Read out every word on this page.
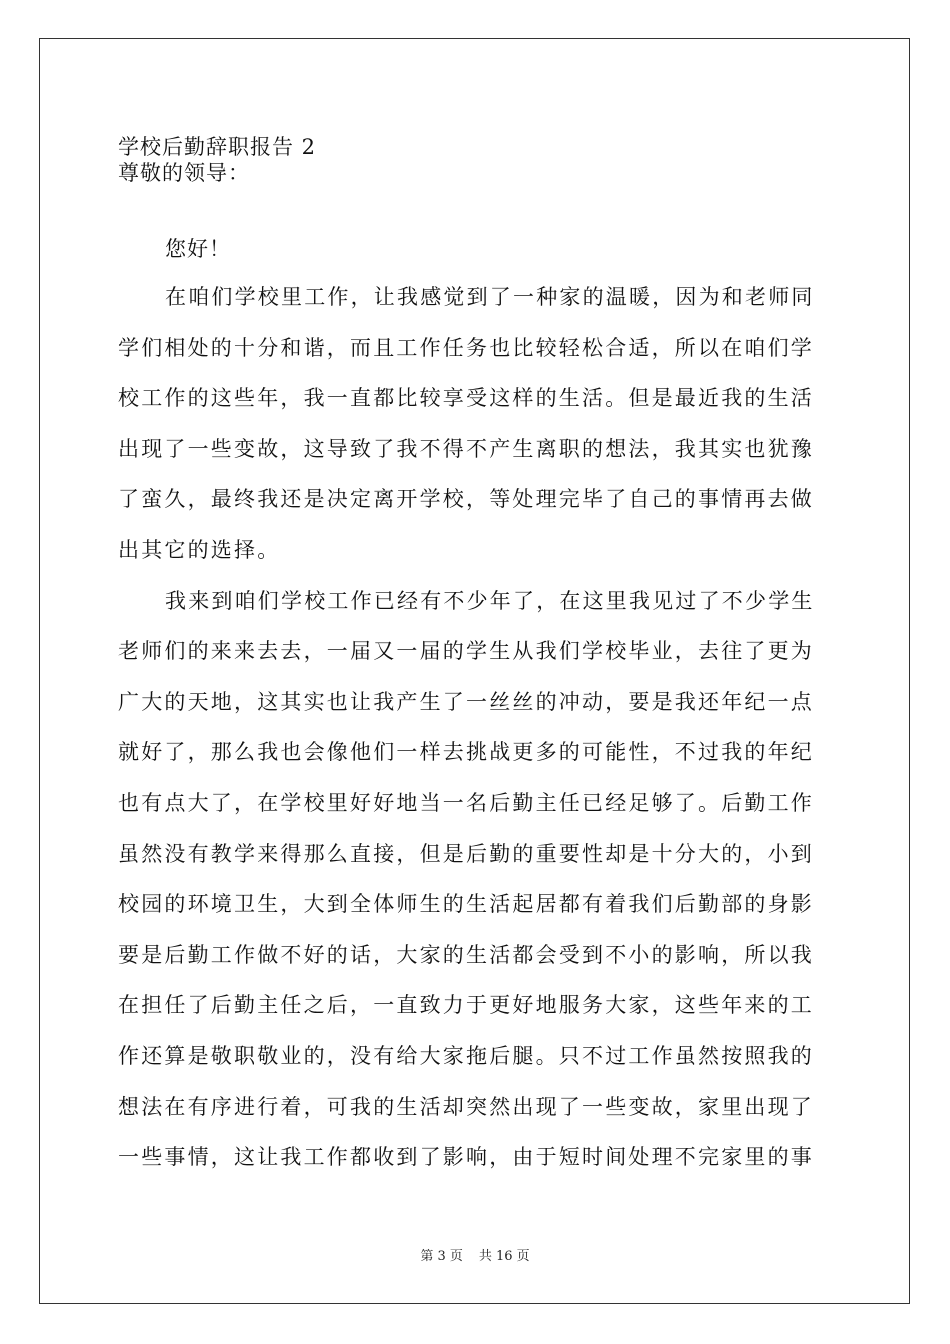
学校后勤辞职报告 2
尊敬的领导：
您好！
在咱们学校里工作，让我感觉到了一种家的温暖，因为和老师同
学们相处的十分和谐，而且工作任务也比较轻松合适，所以在咱们学
校工作的这些年，我一直都比较享受这样的生活。但是最近我的生活
出现了一些变故，这导致了我不得不产生离职的想法，我其实也犹豫
了蛮久，最终我还是决定离开学校，等处理完毕了自己的事情再去做
出其它的选择。
我来到咱们学校工作已经有不少年了，在这里我见过了不少学生
老师们的来来去去，一届又一届的学生从我们学校毕业，去往了更为
广大的天地，这其实也让我产生了一丝丝的冲动，要是我还年纪一点
就好了，那么我也会像他们一样去挑战更多的可能性，不过我的年纪
也有点大了，在学校里好好地当一名后勤主任已经足够了。后勤工作
虽然没有教学来得那么直接，但是后勤的重要性却是十分大的，小到
校园的环境卫生，大到全体师生的生活起居都有着我们后勤部的身影
要是后勤工作做不好的话，大家的生活都会受到不小的影响，所以我
在担任了后勤主任之后，一直致力于更好地服务大家，这些年来的工
作还算是敬职敬业的，没有给大家拖后腿。只不过工作虽然按照我的
想法在有序进行着，可我的生活却突然出现了一些变故，家里出现了
一些事情，这让我工作都收到了影响，由于短时间处理不完家里的事
第 3 页 共 16 页
